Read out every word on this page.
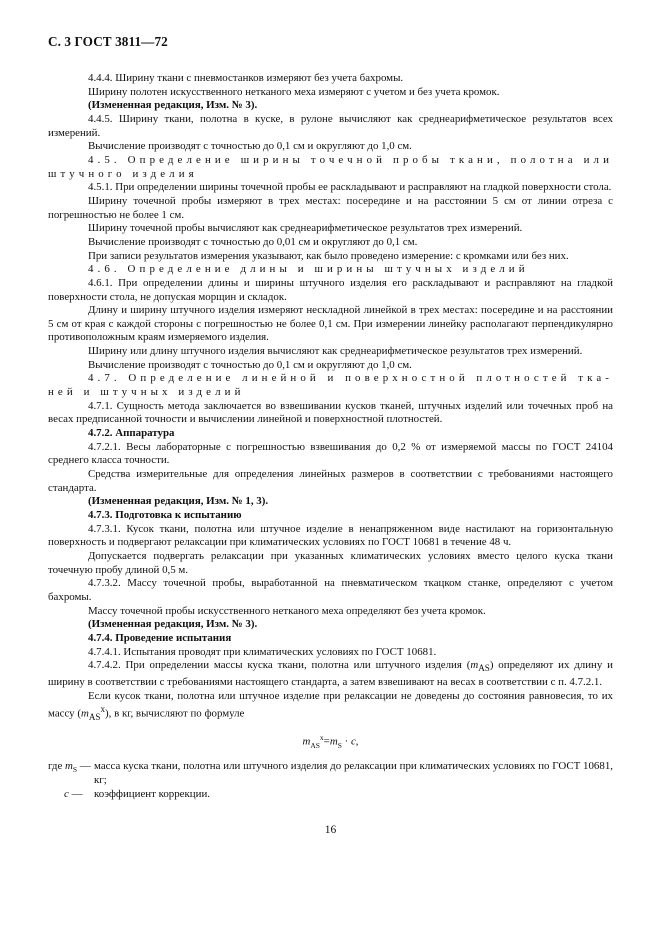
С. 3 ГОСТ 3811—72

4.4.4. Ширину ткани с пневмостанков измеряют без учета бахромы.

Ширину полотен искусственного нетканого меха измеряют с учетом и без учета кромок.

(Измененная редакция, Изм. № 3).

4.4.5. Ширину ткани, полотна в куске, в рулоне вычисляют как среднеарифметическое результатов всех измерений.

Вычисление производят с точностью до 0,1 см и округляют до 1,0 см.

4.5. Определение ширины точечной пробы ткани, полотна или

штучного изделия

4.5.1. При определении ширины точечной пробы ее раскладывают и расправляют на гладкой поверхности стола.

Ширину точечной пробы измеряют в трех местах: посередине и на расстоянии 5 см от линии отреза с погрешностью не более 1 см.

Ширину точечной пробы вычисляют как среднеарифметическое результатов трех измерений.

Вычисление производят с точностью до 0,01 см и округляют до 0,1 см.

При записи результатов измерения указывают, как было проведено измерение: с кромками или без них.

4.6. Определение длины и ширины штучных изделий

4.6.1. При определении длины и ширины штучного изделия его раскладывают и расправляют на гладкой поверхности стола, не допуская морщин и складок.

Длину и ширину штучного изделия измеряют нескладной линейкой в трех местах: посередине и на расстоянии 5 см от края с каждой стороны с погрешностью не более 0,1 см. При измерении линейку располагают перпендикулярно противоположным краям измеряемого изделия.

Ширину или длину штучного изделия вычисляют как среднеарифметическое результатов трех измерений.

Вычисление производят с точностью до 0,1 см и округляют до 1,0 см.

4.7. Определение линейной и поверхностной плотностей тка-

ней и штучных изделий

4.7.1. Сущность метода заключается во взвешивании кусков тканей, штучных изделий или точечных проб на весах предписанной точности и вычислении линейной и поверхностной плотностей.

4.7.2. Аппаратура

4.7.2.1. Весы лабораторные с погрешностью взвешивания до 0,2 % от измеряемой массы по ГОСТ 24104 среднего класса точности.

Средства измерительные для определения линейных размеров в соответствии с требованиями настоящего стандарта.

(Измененная редакция, Изм. № 1, 3).

4.7.3. Подготовка к испытанию

4.7.3.1. Кусок ткани, полотна или штучное изделие в ненапряженном виде настилают на горизонтальную поверхность и подвергают релаксации при климатических условиях по ГОСТ 10681 в течение 48 ч.

Допускается подвергать релаксации при указанных климатических условиях вместо целого куска ткани точечную пробу длиной 0,5 м.

4.7.3.2. Массу точечной пробы, выработанной на пневматическом ткацком станке, определяют с учетом бахромы.

Массу точечной пробы искусственного нетканого меха определяют без учета кромок.

(Измененная редакция, Изм. № 3).

4.7.4. Проведение испытания

4.7.4.1. Испытания проводят при климатических условиях по ГОСТ 10681.

4.7.4.2. При определении массы куска ткани, полотна или штучного изделия $(m_{AS})$ определяют их длину и ширину в соответствии с требованиями настоящего стандарта, а затем взвешивают на весах в соответствии с п. 4.7.2.1.

Если кусок ткани, полотна или штучное изделие при релаксации не доведены до состояния равновесия, то их массу $(m_{AS}^x)$, в кг, вычисляют по формуле

$m_{AS}^x=m_S \cdot c$,
где $m_S$ — масса куска ткани, полотна или штучного изделия до релаксации при климатических условиях по ГОСТ 10681, кг;
c —	коэффициент коррекции.
16
